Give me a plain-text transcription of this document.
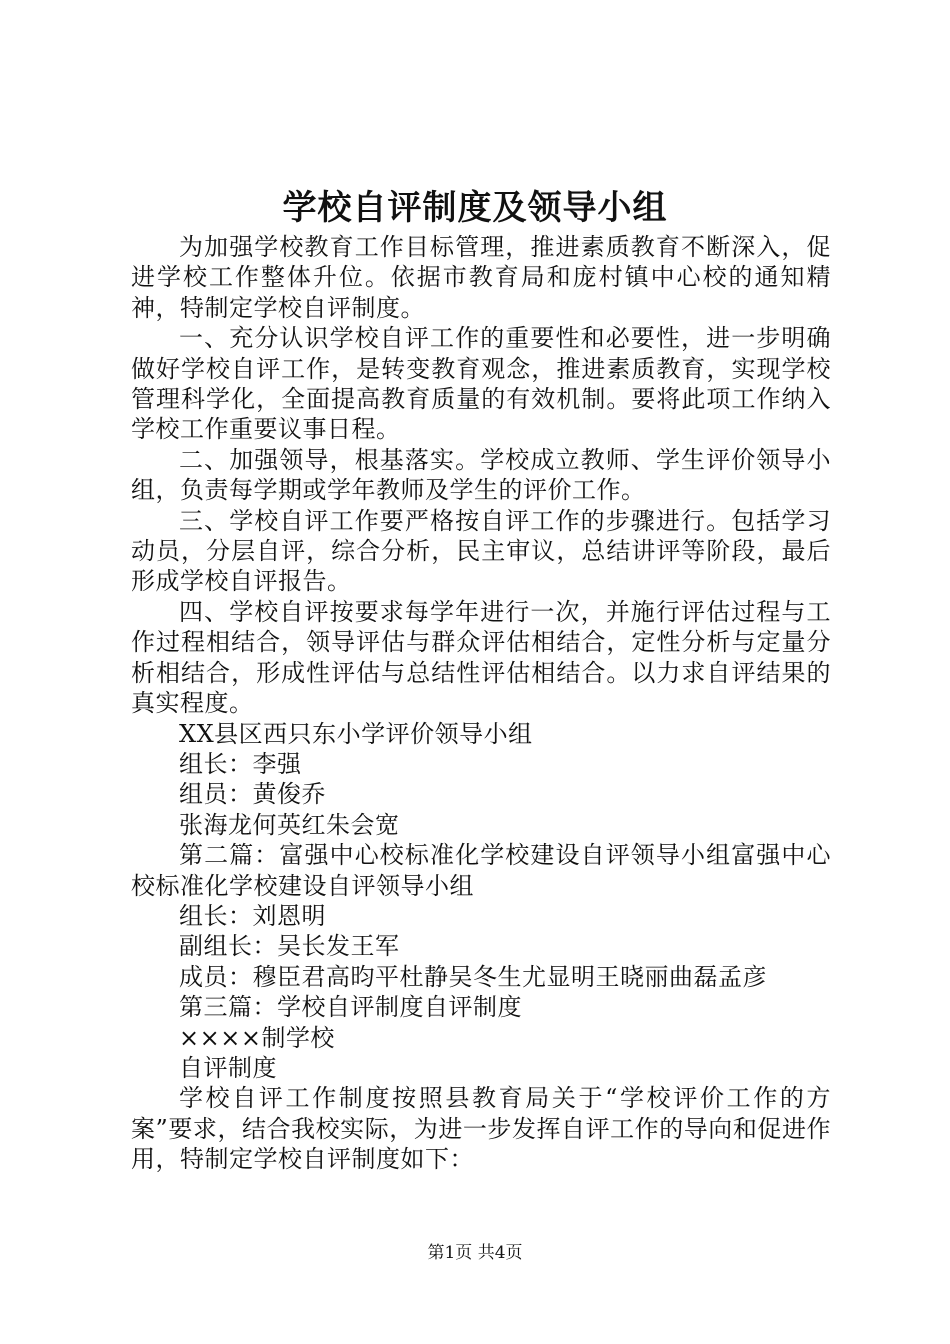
学校自评制度及领导小组

为加强学校教育工作目标管理，推进素质教育不断深入，促进学校工作整体升位。依据市教育局和庞村镇中心校的通知精神，特制定学校自评制度。

一、充分认识学校自评工作的重要性和必要性，进一步明确做好学校自评工作，是转变教育观念，推进素质教育，实现学校管理科学化，全面提高教育质量的有效机制。要将此项工作纳入学校工作重要议事日程。

二、加强领导，根基落实。学校成立教师、学生评价领导小组，负责每学期或学年教师及学生的评价工作。

三、学校自评工作要严格按自评工作的步骤进行。包括学习动员，分层自评，综合分析，民主审议，总结讲评等阶段，最后形成学校自评报告。

四、学校自评按要求每学年进行一次，并施行评估过程与工作过程相结合，领导评估与群众评估相结合，定性分析与定量分析相结合，形成性评估与总结性评估相结合。以力求自评结果的真实程度。

XX县区西只东小学评价领导小组

组长：李强

组员：黄俊乔

张海龙何英红朱会宽

第二篇：富强中心校标准化学校建设自评领导小组富强中心校标准化学校建设自评领导小组

组长：刘恩明

副组长：吴长发王军

成员：穆臣君高昀平杜静吴冬生尤显明王晓丽曲磊孟彦

第三篇：学校自评制度自评制度

××××制学校

自评制度

学校自评工作制度按照县教育局关于“学校评价工作的方案”要求，结合我校实际，为进一步发挥自评工作的导向和促进作用，特制定学校自评制度如下：

第1页 共4页
